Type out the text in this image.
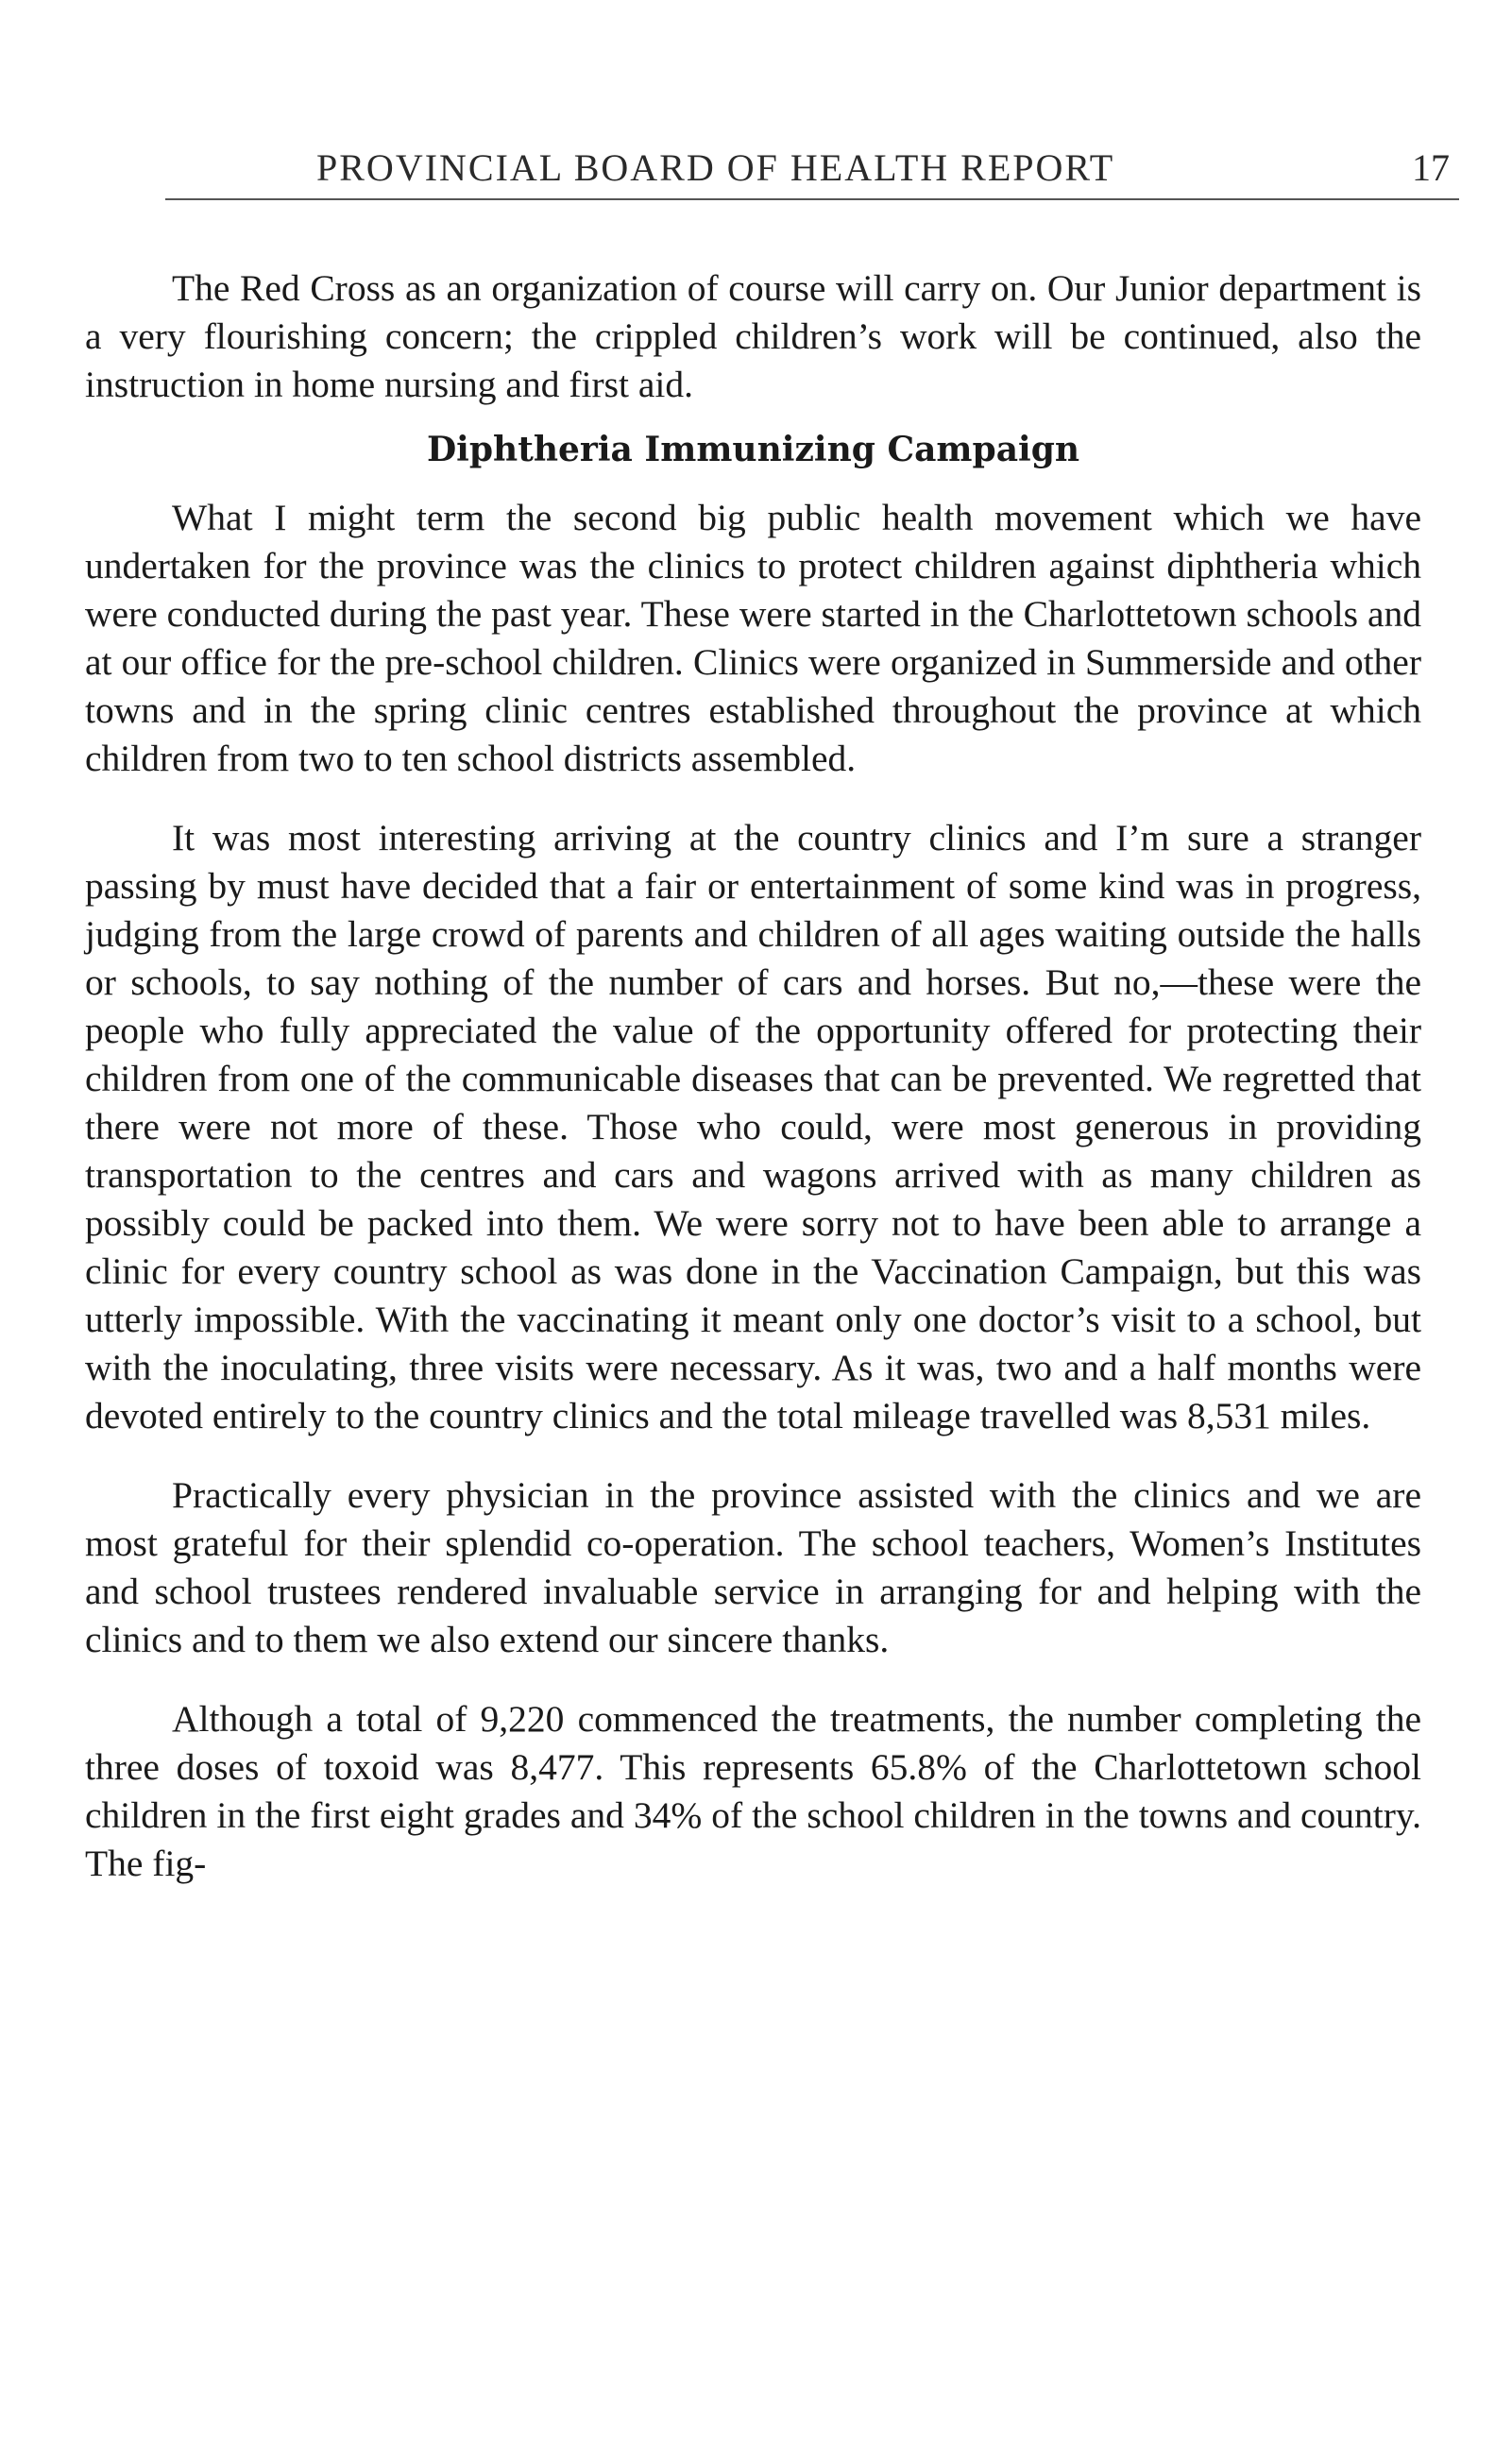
PROVINCIAL BOARD OF HEALTH REPORT	17

The Red Cross as an organization of course will carry on. Our Junior department is a very flourishing concern; the crippled children’s work will be continued, also the instruction in home nursing and first aid.

Diphtheria Immunizing Campaign

What I might term the second big public health movement which we have undertaken for the province was the clinics to protect children against diphtheria which were conducted during the past year. These were started in the Charlottetown schools and at our office for the pre-school children. Clinics were organized in Summerside and other towns and in the spring clinic centres established throughout the province at which children from two to ten school districts assembled.

It was most interesting arriving at the country clinics and I’m sure a stranger passing by must have decided that a fair or entertainment of some kind was in progress, judging from the large crowd of parents and children of all ages waiting outside the halls or schools, to say nothing of the number of cars and horses. But no,—these were the people who fully appreciated the value of the opportunity offered for protecting their children from one of the communicable diseases that can be prevented. We regretted that there were not more of these. Those who could, were most generous in providing transportation to the centres and cars and wagons arrived with as many children as possibly could be packed into them. We were sorry not to have been able to arrange a clinic for every country school as was done in the Vaccination Campaign, but this was utterly impossible. With the vaccinating it meant only one doctor’s visit to a school, but with the inoculating, three visits were necessary. As it was, two and a half months were devoted entirely to the country clinics and the total mileage travelled was 8,531 miles.

Practically every physician in the province assisted with the clinics and we are most grateful for their splendid co-operation. The school teachers, Women’s Institutes and school trustees rendered invaluable service in arranging for and helping with the clinics and to them we also extend our sincere thanks.

Although a total of 9,220 commenced the treatments, the number completing the three doses of toxoid was 8,477. This represents 65.8% of the Charlottetown school children in the first eight grades and 34% of the school children in the towns and country. The fig-
